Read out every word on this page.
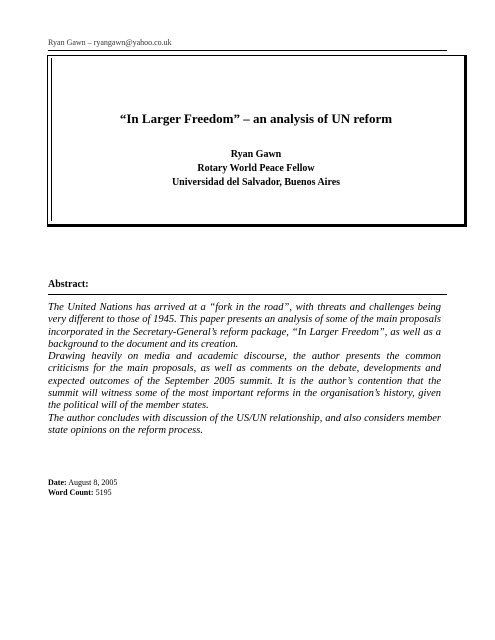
Ryan Gawn – ryangawn@yahoo.co.uk
“In Larger Freedom” – an analysis of UN reform
Ryan Gawn
Rotary World Peace Fellow
Universidad del Salvador, Buenos Aires
Abstract:

The United Nations has arrived at a “fork in the road”, with threats and challenges being very different to those of 1945. This paper presents an analysis of some of the main proposals incorporated in the Secretary-General’s reform package, “In Larger Freedom”, as well as a background to the document and its creation.

Drawing heavily on media and academic discourse, the author presents the common criticisms for the main proposals, as well as comments on the debate, developments and expected outcomes of the September 2005 summit. It is the author’s contention that the summit will witness some of the most important reforms in the organisation’s history, given the political will of the member states.

The author concludes with discussion of the US/UN relationship, and also considers member state opinions on the reform process.

Date: August 8, 2005
Word Count: 5195
